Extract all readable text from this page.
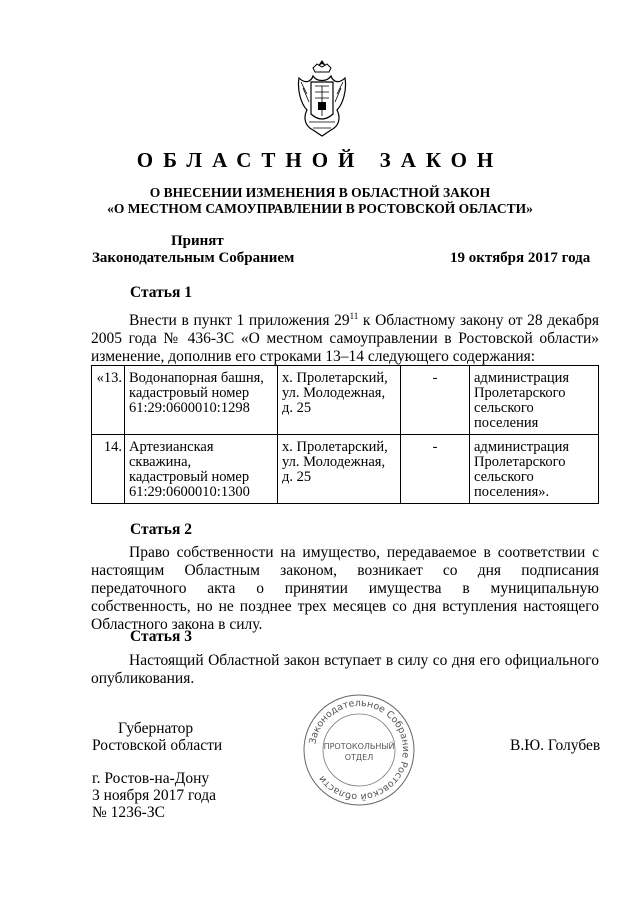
ОБЛАСТНОЙ ЗАКОН
О ВНЕСЕНИИ ИЗМЕНЕНИЯ В ОБЛАСТНОЙ ЗАКОН
«О МЕСТНОМ САМОУПРАВЛЕНИИ В РОСТОВСКОЙ ОБЛАСТИ»
Принят
Законодательным Собранием	19 октября 2017 года
Статья 1
Внести в пункт 1 приложения $29^{11}$ к Областному закону от 28 декабря 2005 года № 436-ЗС «О местном самоуправлении в Ростовской области» изменение, дополнив его строками 13–14 следующего содержания:
«13.	Водонапорная башня, кадастровый номер 61:29:0600010:1298	х. Пролетарский, ул. Молодежная, д. 25	-	администрация Пролетарского сельского поселения
14.	Артезианская скважина, кадастровый номер 61:29:0600010:1300	х. Пролетарский, ул. Молодежная, д. 25	-	администрация Пролетарского сельского поселения».
Статья 2
Право собственности на имущество, передаваемое в соответствии с настоящим Областным законом, возникает со дня подписания передаточного акта о принятии имущества в муниципальную собственность, но не позднее трех месяцев со дня вступления настоящего Областного закона в силу.
Статья 3
Настоящий Областной закон вступает в силу со дня его официального опубликования.
Губернатор
Ростовской области	В.Ю. Голубев
Законодательное Собрание Ростовской области
ПРОТОКОЛЬНЫЙ
ОТДЕЛ
г. Ростов-на-Дону
3 ноября 2017 года
№ 1236-ЗС
